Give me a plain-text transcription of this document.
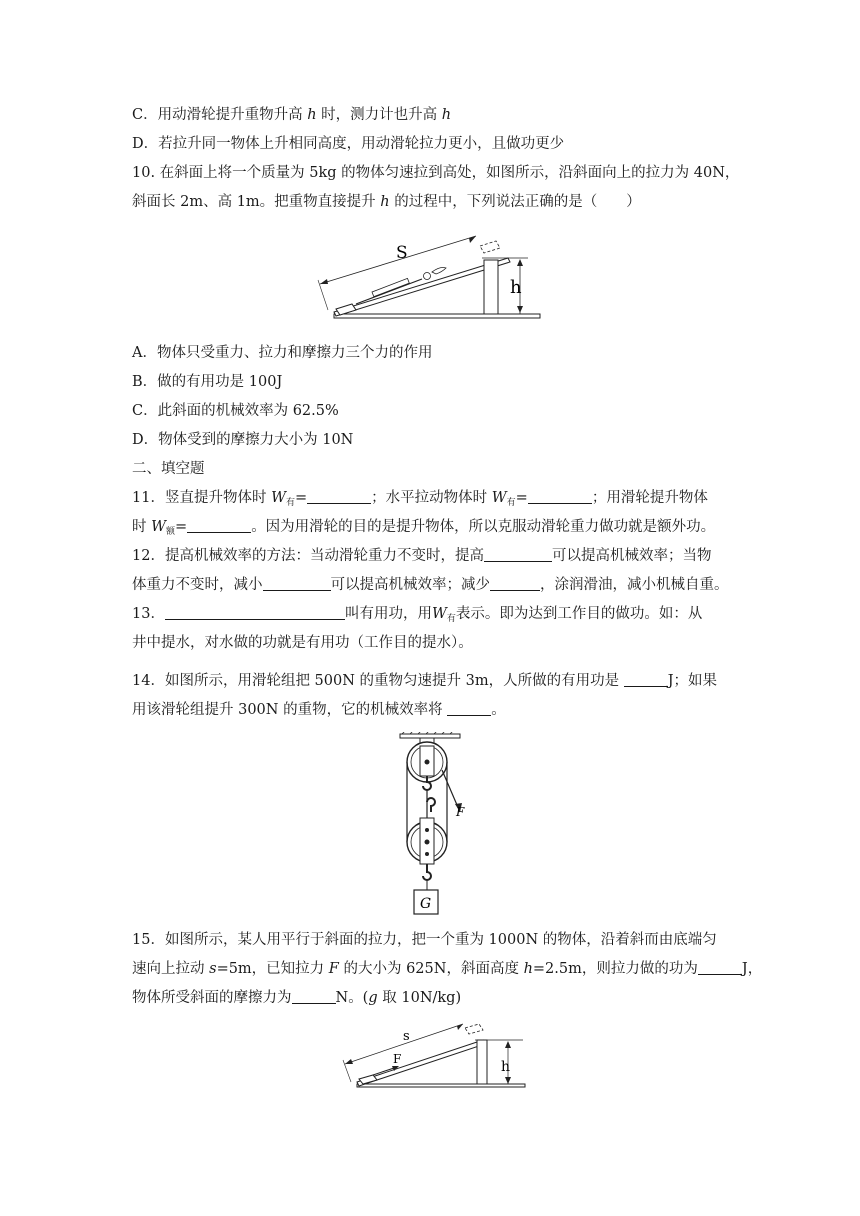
C．用动滑轮提升重物升高 h 时，测力计也升高 h
D．若拉升同一物体上升相同高度，用动滑轮拉力更小，且做功更少
10. 在斜面上将一个质量为 5kg 的物体匀速拉到高处，如图所示，沿斜面向上的拉力为 40N，
斜面长 2m、高 1m。把重物直接提升 h 的过程中，下列说法正确的是（　　）
h
S
A．物体只受重力、拉力和摩擦力三个力的作用
B．做的有用功是 100J
C．此斜面的机械效率为 62.5%
D．物体受到的摩擦力大小为 10N
二、填空题
11．竖直提升物体时 $W_有=$	；水平拉动物体时 $W_有=$	；用滑轮提升物体
时 $W_额=$	。因为用滑轮的目的是提升物体，所以克服动滑轮重力做功就是额外功。
12．提高机械效率的方法：当动滑轮重力不变时，提高	可以提高机械效率；当物
体重力不变时，减小	可以提高机械效率；减少	，涂润滑油，减小机械自重。
13．	叫有用功，用$W_有$表示。即为达到工作目的做功。如：从
井中提水，对水做的功就是有用功（工作目的提水）。
14．如图所示，用滑轮组把 500N 的重物匀速提升 3m，人所做的有用功是	J；如果
用该滑轮组提升 300N 的重物，它的机械效率将	。
F
G
15．如图所示，某人用平行于斜面的拉力，把一个重为 1000N 的物体，沿着斜而由底端匀
速向上拉动 s=5m，已知拉力 F 的大小为 625N，斜面高度 h=2.5m，则拉力做的功为	J，
物体所受斜面的摩擦力为	N。(g 取 10N/kg)
h
F
s
